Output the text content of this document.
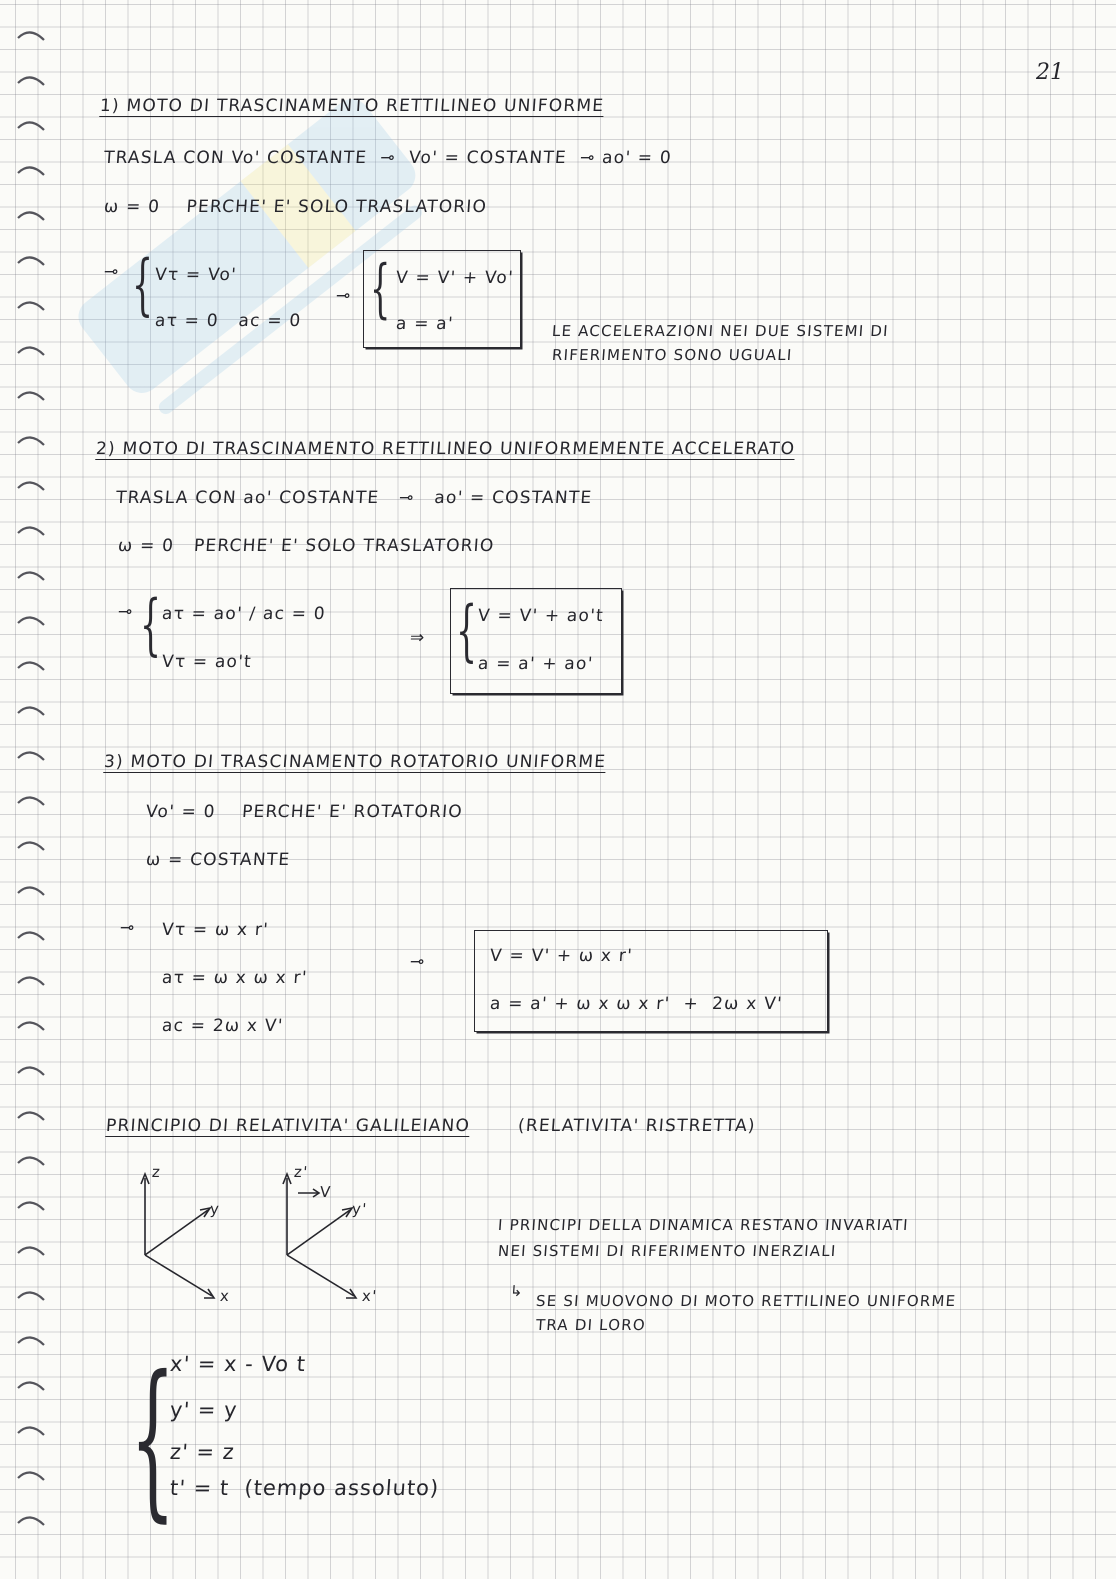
21
1) MOTO DI TRASCINAMENTO RETTILINEO UNIFORME
TRASLA CON Vo' COSTANTE  ⊸  Vo' = COSTANTE  ⊸ ao' = 0
ω = 0    PERCHE' E' SOLO TRASLATORIO
⊸ { Vτ = Vo'
aτ = 0   ac = 0
⊸ { V = V' + Vo'
a = a'	LE ACCELERAZIONI NEI DUE SISTEMI DI
RIFERIMENTO SONO UGUALI
2) MOTO DI TRASCINAMENTO RETTILINEO UNIFORMEMENTE ACCELERATO
TRASLA CON ao' COSTANTE   ⊸   ao' = COSTANTE
ω = 0   PERCHE' E' SOLO TRASLATORIO
⊸ { aτ = ao' / ac = 0
Vτ = ao't
⇒ { V = V' + ao't
a = a' + ao'
3) MOTO DI TRASCINAMENTO ROTATORIO UNIFORME
Vo' = 0    PERCHE' E' ROTATORIO
ω = COSTANTE
⊸ Vτ = ω x r'
aτ = ω x ω x r'
ac = 2ω x V'
⊸	V = V' + ω x r'
a = a' + ω x ω x r'  +  2ω x V'
PRINCIPIO DI RELATIVITA' GALILEIANO	(RELATIVITA' RISTRETTA)
z
y
x
z'
V
y'
x'
I PRINCIPI DELLA DINAMICA RESTANO INVARIATI
NEI SISTEMI DI RIFERIMENTO INERZIALI
↳
SE SI MUOVONO DI MOTO RETTILINEO UNIFORME
TRA DI LORO
{
x' = x - Vo t
y' = y
z' = z
t' = t  (tempo assoluto)
